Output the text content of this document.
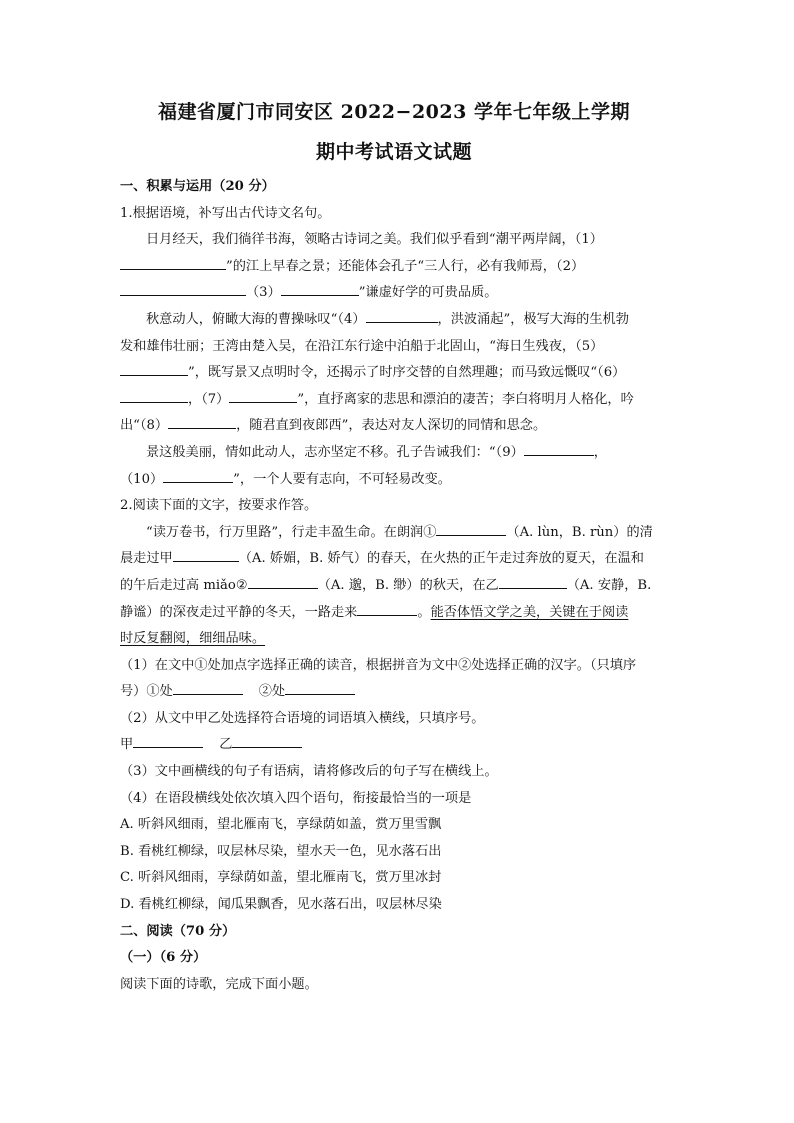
福建省厦门市同安区 2022−2023 学年七年级上学期
期中考试语文试题
一、积累与运用（20 分）
1.根据语境，补写出古代诗文名句。
日月经天，我们徜徉书海，领略古诗词之美。我们似乎看到“潮平两岸阔，（1）
”的江上早春之景；还能体会孔子“三人行，必有我师焉，（2）
（3）	”谦虚好学的可贵品质。
秋意动人，俯瞰大海的曹操咏叹“（4）	，洪波涌起”，极写大海的生机勃
发和雄伟壮丽；王湾由楚入吴，在沿江东行途中泊船于北固山，“海日生残夜，（5）
”，既写景又点明时令，还揭示了时序交替的自然理趣；而马致远慨叹“（6）
，（7）	”，直抒离家的悲思和漂泊的凄苦；李白将明月人格化，吟
出“（8）	，随君直到夜郎西”，表达对友人深切的同情和思念。
景这般美丽，情如此动人，志亦坚定不移。孔子告诫我们：“（9）	，
（10）	”，一个人要有志向，不可轻易改变。
2.阅读下面的文字，按要求作答。
“读万卷书，行万里路”，行走丰盈生命。在朗润①	（A. lùn，B. rùn）的清
晨走过甲	（A. 娇媚，B. 娇气）的春天，在火热的正午走过奔放的夏天，在温和
的午后走过高 miǎo②	（A. 邈，B. 缈）的秋天，在乙	（A. 安静，B.
静谧）的深夜走过平静的冬天，一路走来	。能否体悟文学之美，关键在于阅读
时反复翻阅，细细品味。
（1）在文中①处加点字选择正确的读音，根据拼音为文中②处选择正确的汉字。（只填序
号）①处	②处
（2）从文中甲乙处选择符合语境的词语填入横线，只填序号。
甲	乙
（3）文中画横线的句子有语病，请将修改后的句子写在横线上。
（4）在语段横线处依次填入四个语句，衔接最恰当的一项是
A. 听斜风细雨，望北雁南飞，享绿荫如盖，赏万里雪飘
B. 看桃红柳绿，叹层林尽染，望水天一色，见水落石出
C. 听斜风细雨，享绿荫如盖，望北雁南飞，赏万里冰封
D. 看桃红柳绿，闻瓜果飘香，见水落石出，叹层林尽染
二、阅读（70 分）
（一）（6 分）
阅读下面的诗歌，完成下面小题。
